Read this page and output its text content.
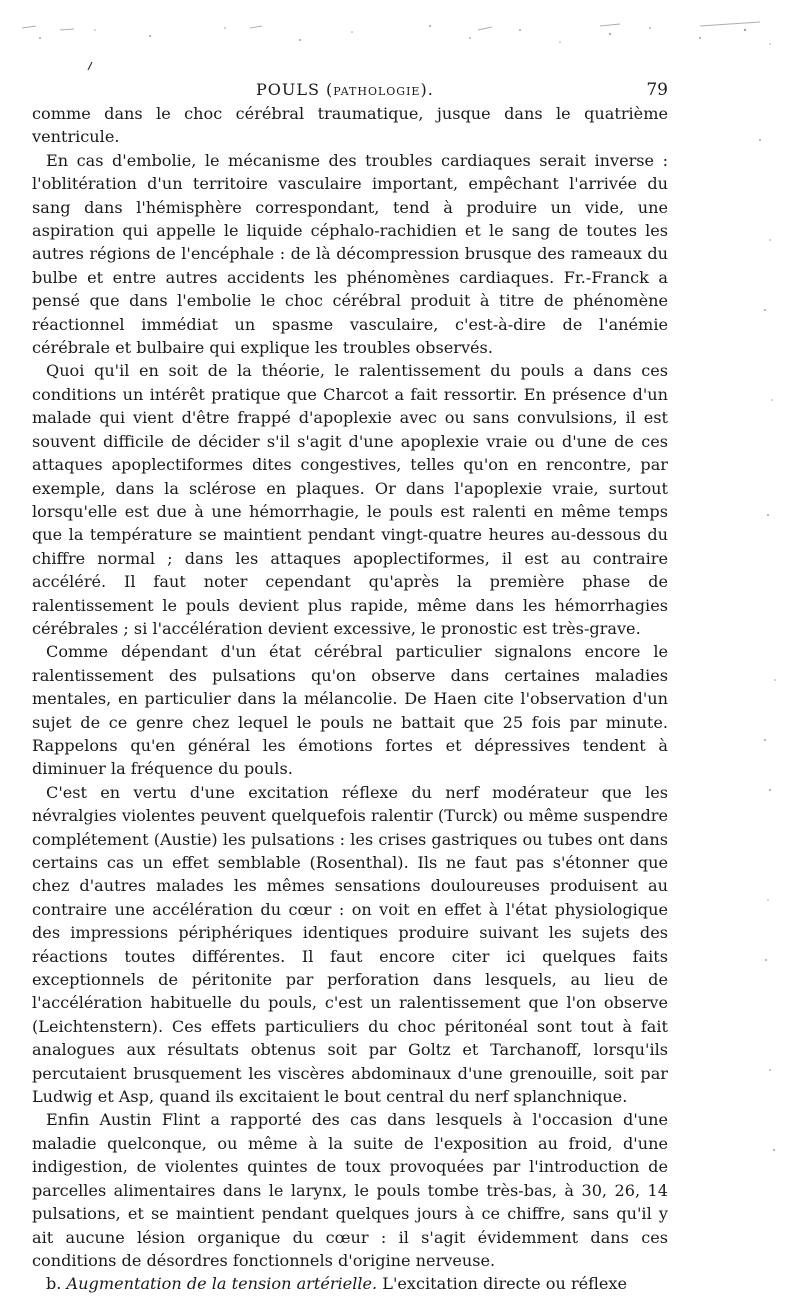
POULS (PATHOLOGIE).	79

comme dans le choc cérébral traumatique, jusque dans le quatrième ventricule.

En cas d'embolie, le mécanisme des troubles cardiaques serait inverse : l'oblitération d'un territoire vasculaire important, empêchant l'arrivée du sang dans l'hémisphère correspondant, tend à produire un vide, une aspiration qui appelle le liquide céphalo-rachidien et le sang de toutes les autres régions de l'encéphale : de là décompression brusque des rameaux du bulbe et entre autres accidents les phénomènes cardiaques. Fr.-Franck a pensé que dans l'embolie le choc cérébral produit à titre de phénomène réactionnel immédiat un spasme vasculaire, c'est-à-dire de l'anémie cérébrale et bulbaire qui explique les troubles observés.

Quoi qu'il en soit de la théorie, le ralentissement du pouls a dans ces conditions un intérêt pratique que Charcot a fait ressortir. En présence d'un malade qui vient d'être frappé d'apoplexie avec ou sans convulsions, il est souvent difficile de décider s'il s'agit d'une apoplexie vraie ou d'une de ces attaques apoplectiformes dites congestives, telles qu'on en rencontre, par exemple, dans la sclérose en plaques. Or dans l'apoplexie vraie, surtout lorsqu'elle est due à une hémorrhagie, le pouls est ralenti en même temps que la température se maintient pendant vingt-quatre heures au-dessous du chiffre normal ; dans les attaques apoplectiformes, il est au contraire accéléré. Il faut noter cependant qu'après la première phase de ralentissement le pouls devient plus rapide, même dans les hémorrhagies cérébrales ; si l'accélération devient excessive, le pronostic est très-grave.

Comme dépendant d'un état cérébral particulier signalons encore le ralentissement des pulsations qu'on observe dans certaines maladies mentales, en particulier dans la mélancolie. De Haen cite l'observation d'un sujet de ce genre chez lequel le pouls ne battait que 25 fois par minute. Rappelons qu'en général les émotions fortes et dépressives tendent à diminuer la fréquence du pouls.

C'est en vertu d'une excitation réflexe du nerf modérateur que les névralgies violentes peuvent quelquefois ralentir (Turck) ou même suspendre complétement (Austie) les pulsations : les crises gastriques ou tubes ont dans certains cas un effet semblable (Rosenthal). Ils ne faut pas s'étonner que chez d'autres malades les mêmes sensations douloureuses produisent au contraire une accélération du cœur : on voit en effet à l'état physiologique des impressions périphériques identiques produire suivant les sujets des réactions toutes différentes. Il faut encore citer ici quelques faits exceptionnels de péritonite par perforation dans lesquels, au lieu de l'accélération habituelle du pouls, c'est un ralentissement que l'on observe (Leichtenstern). Ces effets particuliers du choc péritonéal sont tout à fait analogues aux résultats obtenus soit par Goltz et Tarchanoff, lorsqu'ils percutaient brusquement les viscères abdominaux d'une grenouille, soit par Ludwig et Asp, quand ils excitaient le bout central du nerf splanchnique.

Enfin Austin Flint a rapporté des cas dans lesquels à l'occasion d'une maladie quelconque, ou même à la suite de l'exposition au froid, d'une indigestion, de violentes quintes de toux provoquées par l'introduction de parcelles alimentaires dans le larynx, le pouls tombe très-bas, à 30, 26, 14 pulsations, et se maintient pendant quelques jours à ce chiffre, sans qu'il y ait aucune lésion organique du cœur : il s'agit évidemment dans ces conditions de désordres fonctionnels d'origine nerveuse.

b. Augmentation de la tension artérielle. L'excitation directe ou réflexe
